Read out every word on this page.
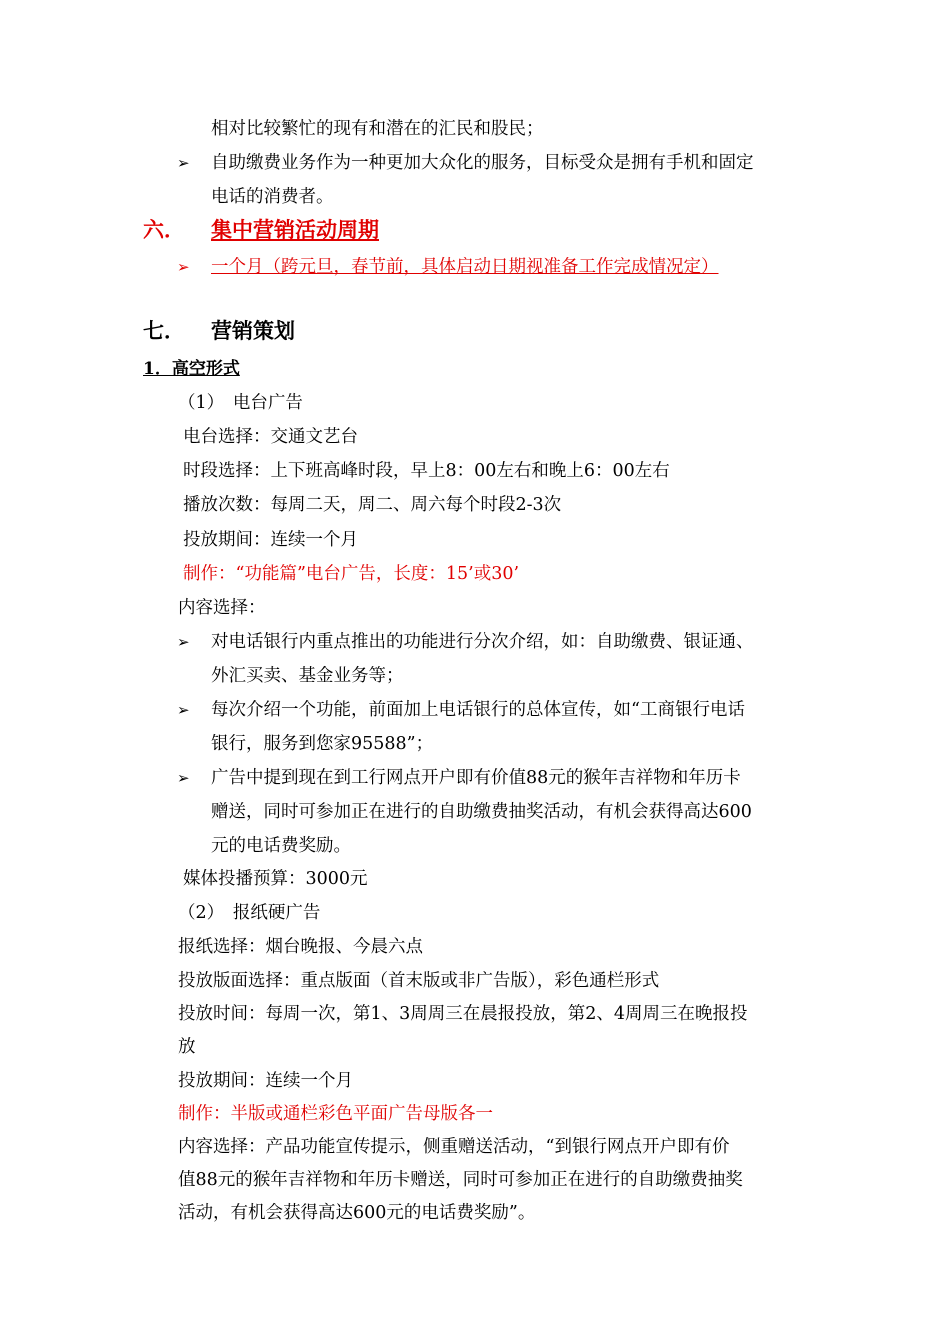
相对比较繁忙的现有和潜在的汇民和股民；
➢ 自助缴费业务作为一种更加大众化的服务，目标受众是拥有手机和固定
电话的消费者。
六． 集中营销活动周期
➢ 一个月（跨元旦，春节前，具体启动日期视准备工作完成情况定）
七． 营销策划
1．高空形式
（1）　电台广告
电台选择：交通文艺台
时段选择：上下班高峰时段，早上8：00左右和晚上6：00左右
播放次数：每周二天，周二、周六每个时段2-3次
投放期间：连续一个月
制作：“功能篇”电台广告，长度：15’或30’
内容选择：
➢ 对电话银行内重点推出的功能进行分次介绍，如：自助缴费、银证通、
外汇买卖、基金业务等；
➢ 每次介绍一个功能，前面加上电话银行的总体宣传，如“工商银行电话
银行，服务到您家95588”；
➢ 广告中提到现在到工行网点开户即有价值88元的猴年吉祥物和年历卡
赠送，同时可参加正在进行的自助缴费抽奖活动，有机会获得高达600
元的电话费奖励。
媒体投播预算：3000元
（2）　报纸硬广告
报纸选择：烟台晚报、今晨六点
投放版面选择：重点版面（首末版或非广告版），彩色通栏形式
投放时间：每周一次，第1、3周周三在晨报投放，第2、4周周三在晚报投
放
投放期间：连续一个月
制作：半版或通栏彩色平面广告母版各一
内容选择：产品功能宣传提示，侧重赠送活动，“到银行网点开户即有价
值88元的猴年吉祥物和年历卡赠送，同时可参加正在进行的自助缴费抽奖
活动，有机会获得高达600元的电话费奖励”。
